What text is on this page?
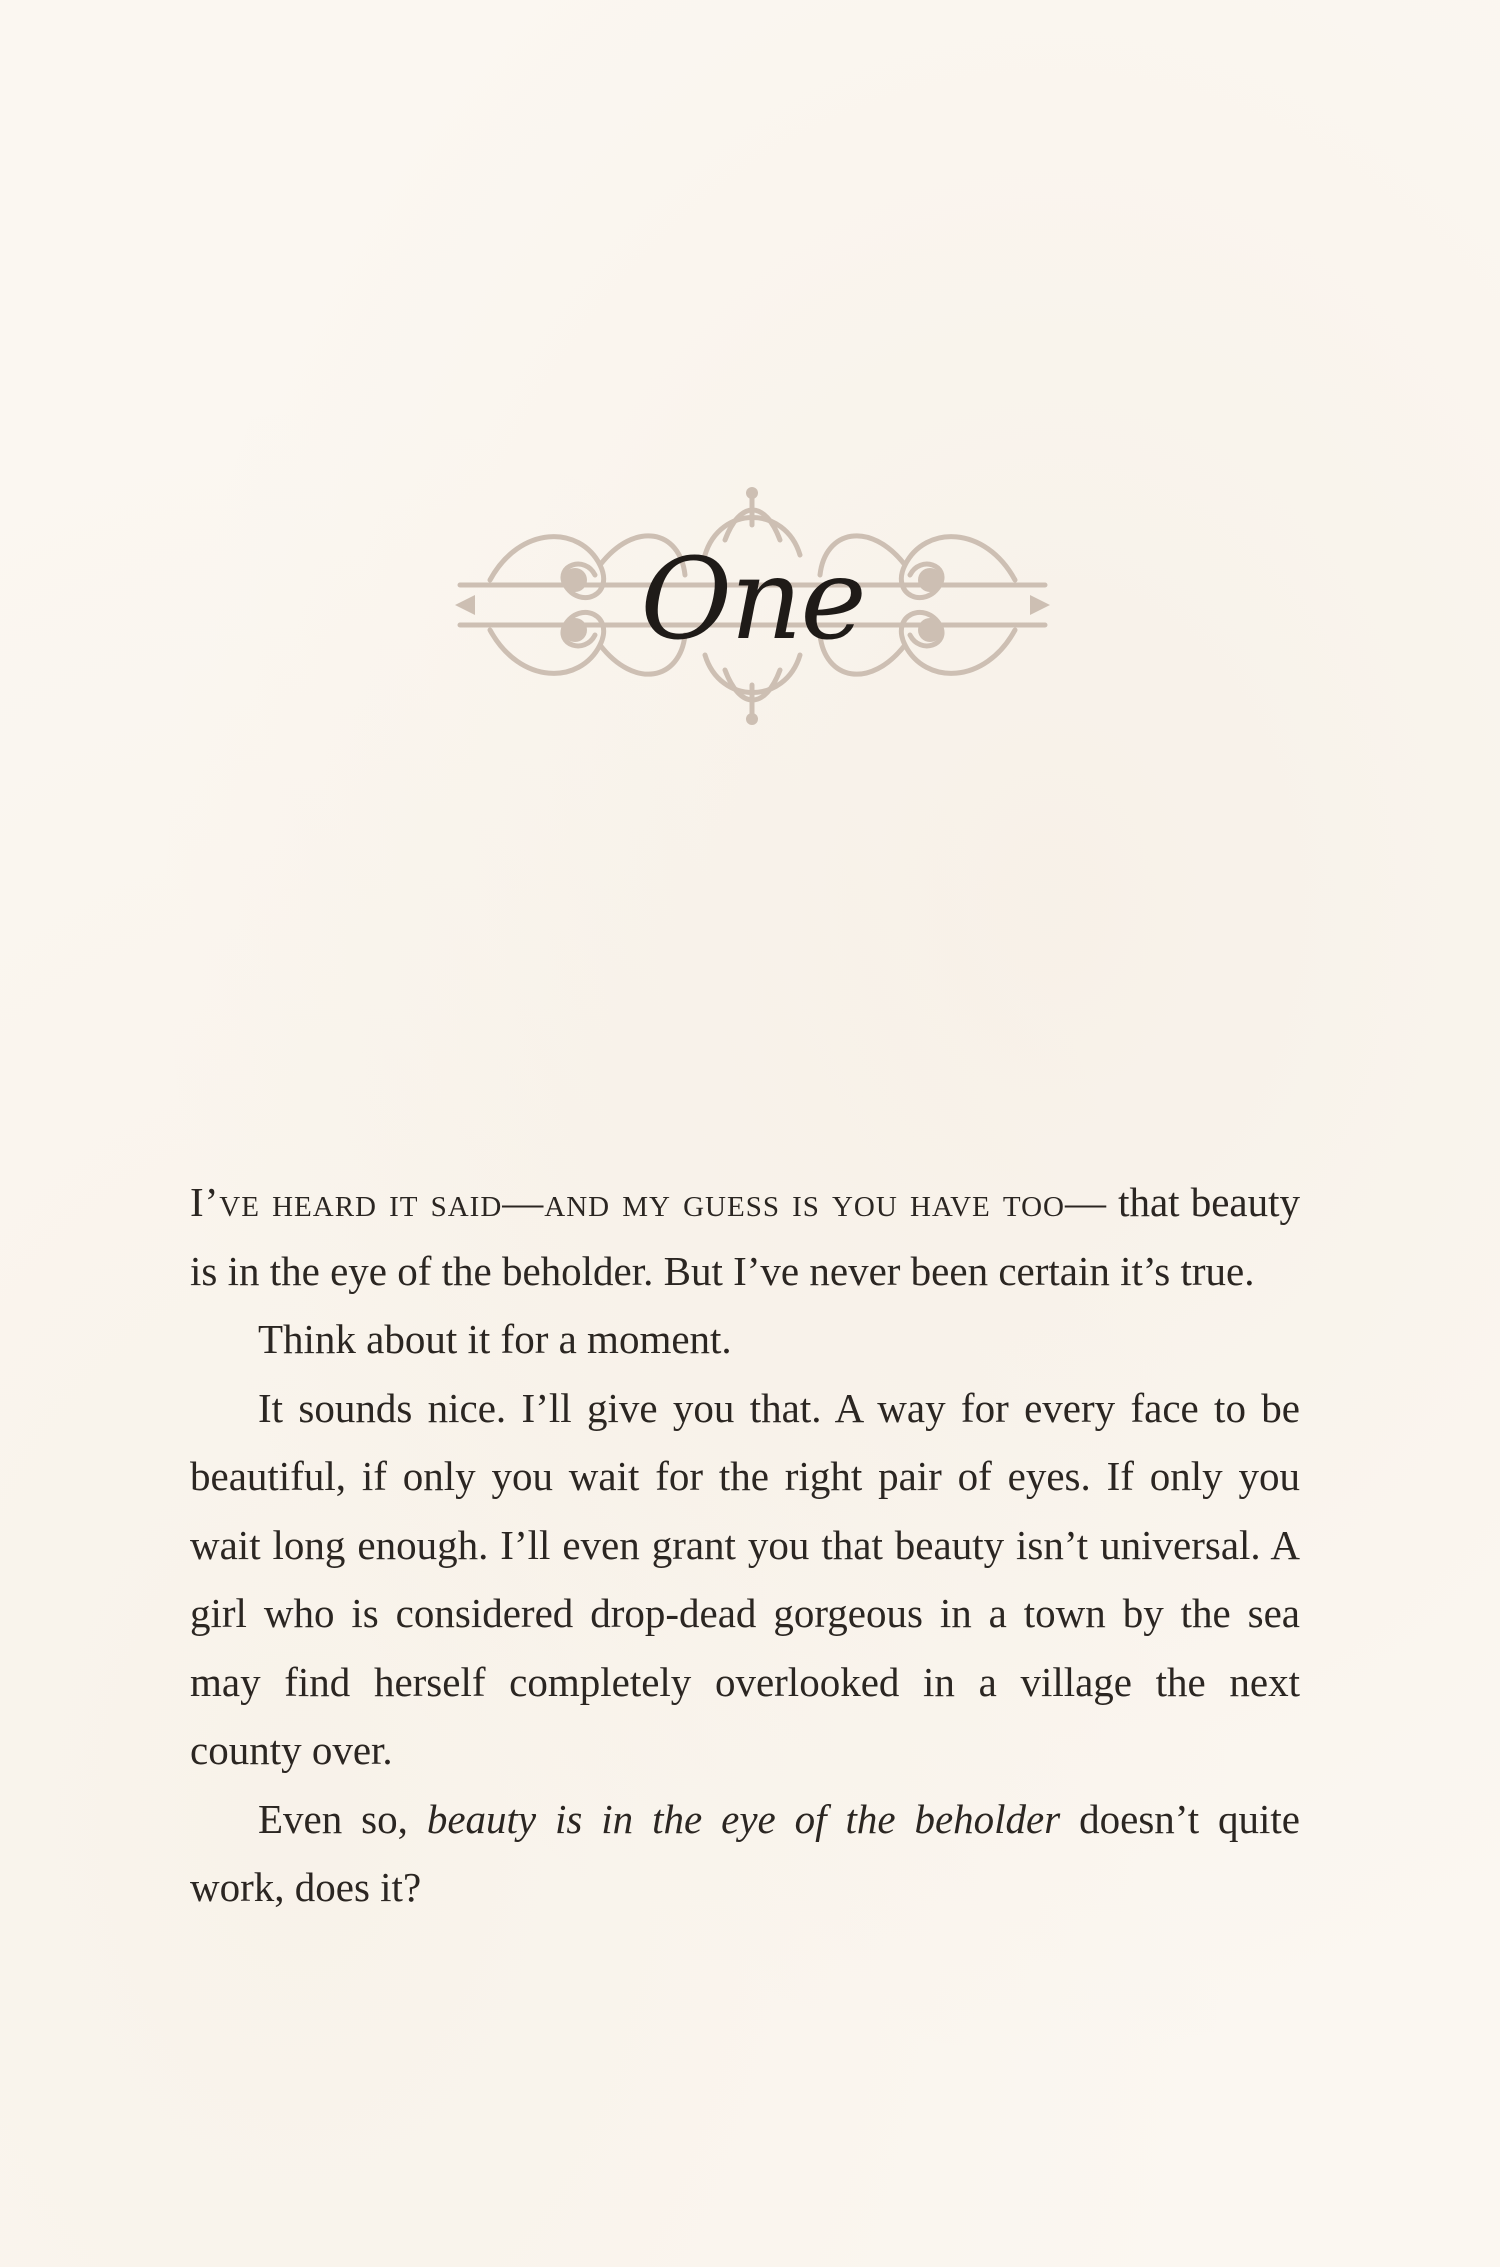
One

I’ve heard it said—and my guess is you have too— that beauty is in the eye of the beholder. But I’ve never been certain it’s true.

Think about it for a moment.

It sounds nice. I’ll give you that. A way for every face to be beautiful, if only you wait for the right pair of eyes. If only you wait long enough. I’ll even grant you that beauty isn’t universal. A girl who is considered drop-dead gorgeous in a town by the sea may find herself completely overlooked in a village the next county over.

Even so, beauty is in the eye of the beholder doesn’t quite work, does it?
